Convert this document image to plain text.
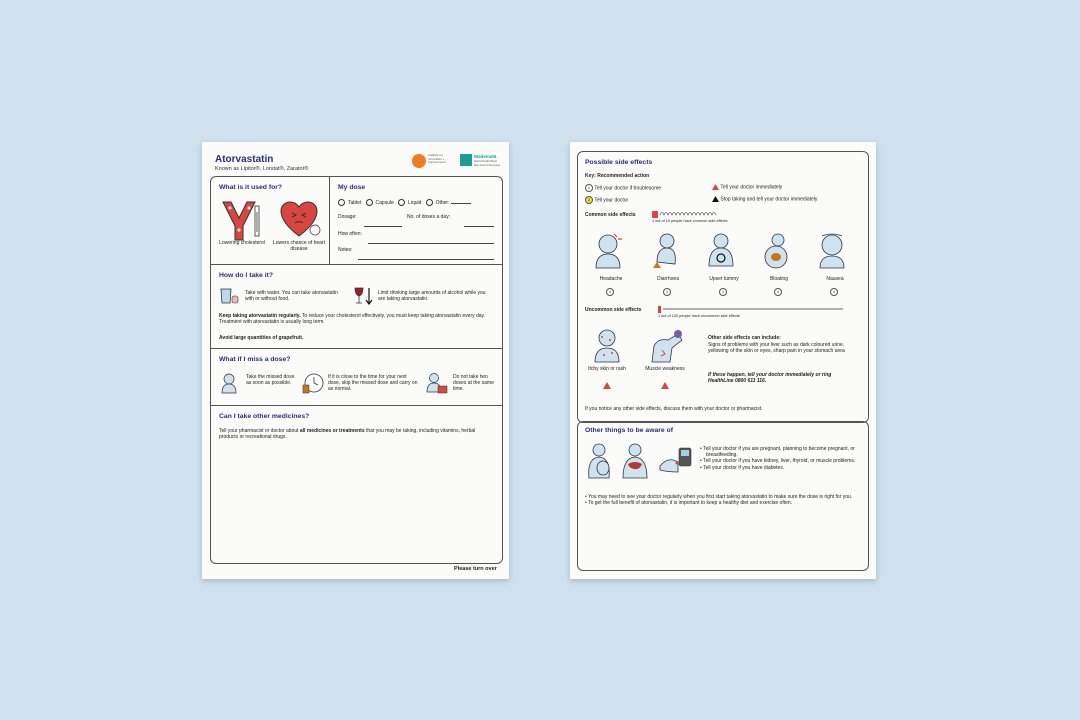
Atorvastatin
Known as Lipitor®, Lorstat®, Zarator®
Institute for Innovation + Improvement
Waitematā
District Health Board
Best Care for Everyone
What is it used for?
Lowering cholesterol	Lowers chance of heart disease
My dose
Tablet	Capsule	Liquid	Other:
Dosage:	No. of doses a day:
How often:
Notes:
How do I take it?
Take with water. You can take atorvastatin with or without food.
Limit drinking large amounts of alcohol while you are taking atorvastatin.
Keep taking atorvastatin regularly. To reduce your cholesterol effectively, you must keep taking atorvastatin every day. Treatment with atorvastatin is usually long term.
Avoid large quantities of grapefruit.
What if I miss a dose?
Take the missed dose as soon as possible.
If it is close to the time for your next dose, skip the missed dose and carry on as normal.
Do not take two doses at the same time.
Can I take other medicines?
Tell your pharmacist or doctor about all medicines or treatments that you may be taking, including vitamins, herbal products or recreational drugs.
Please turn over
Possible side effects
Key: Recommended action
1 Tell your doctor if troublesome
2 Tell your doctor
Tell your doctor immediately
Stop taking and tell your doctor immediately
Common side effects
1 out of 10 people have common side effects
Headache	Diarrhoea	Upset tummy	Bloating	Nausea
1	1	1	1	1
Uncommon side effects
1 out of 100 people have uncommon side effects
Itchy skin or rash	Muscle weakness
Other side effects can include:
Signs of problems with your liver such as dark coloured urine, yellowing of the skin or eyes, sharp pain in your stomach area
If these happen, tell your doctor immediately or ring HealthLine 0800 611 116.
If you notice any other side effects, discuss them with your doctor or pharmacist.
Other things to be aware of
• Tell your doctor if you are pregnant, planning to become pregnant, or breastfeeding.
• Tell your doctor if you have kidney, liver, thyroid, or muscle problems.
• Tell your doctor if you have diabetes.
• You may need to see your doctor regularly when you first start taking atorvastatin to make sure the dose is right for you.
• To get the full benefit of atorvastatin, it is important to keep a healthy diet and exercise often.
